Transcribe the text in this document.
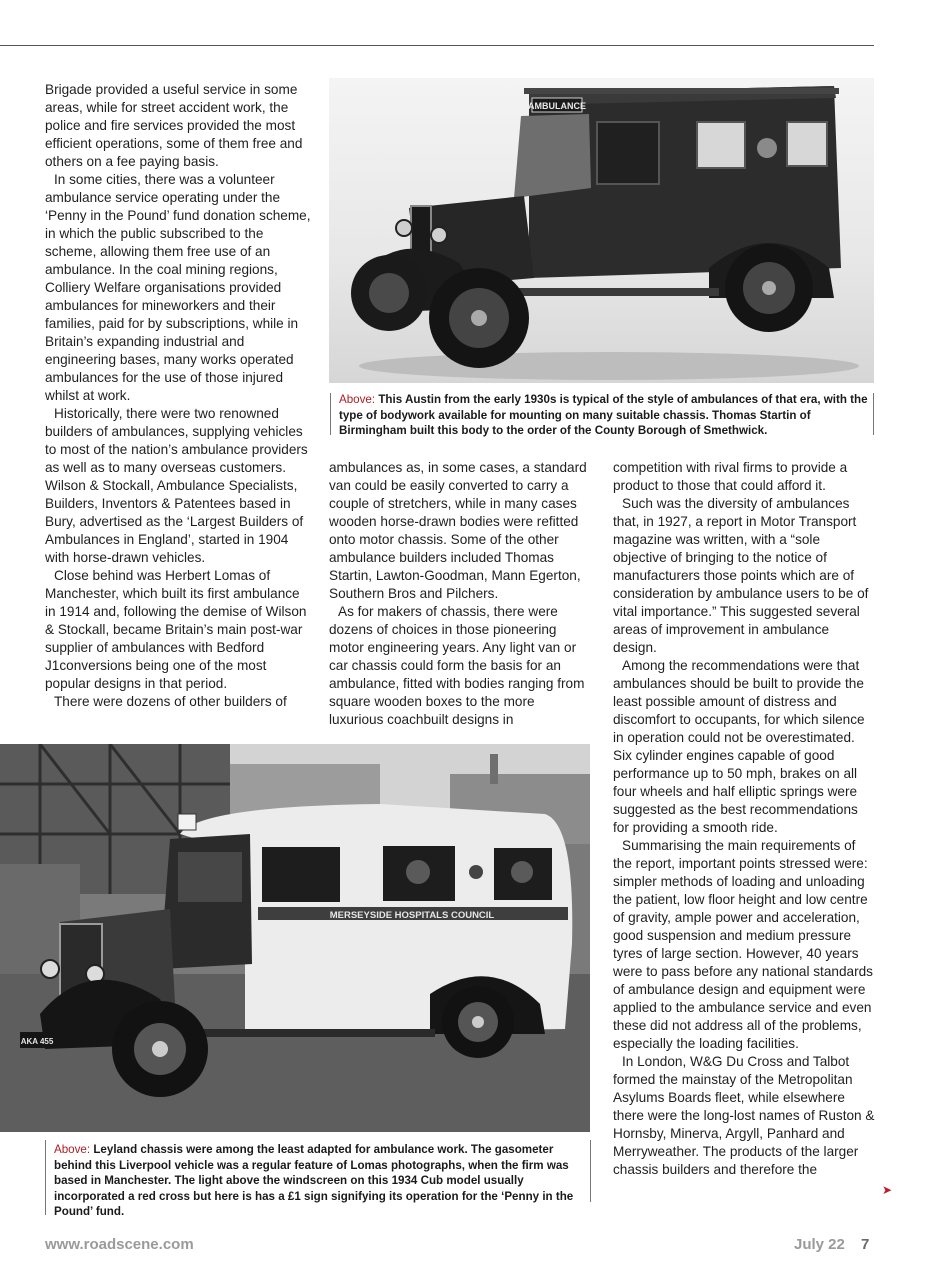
Brigade provided a useful service in some areas, while for street accident work, the police and fire services provided the most efficient operations, some of them free and others on a fee paying basis.

In some cities, there was a volunteer ambulance service operating under the ‘Penny in the Pound’ fund donation scheme, in which the public subscribed to the scheme, allowing them free use of an ambulance. In the coal mining regions, Colliery Welfare organisations provided ambulances for mineworkers and their families, paid for by subscriptions, while in Britain’s expanding industrial and engineering bases, many works operated ambulances for the use of those injured whilst at work.

Historically, there were two renowned builders of ambulances, supplying vehicles to most of the nation’s ambulance providers as well as to many overseas customers. Wilson & Stockall, Ambulance Specialists, Builders, Inventors & Patentees based in Bury, advertised as the ‘Largest Builders of Ambulances in England’, started in 1904 with horse-drawn vehicles.

Close behind was Herbert Lomas of Manchester, which built its first ambulance in 1914 and, following the demise of Wilson & Stockall, became Britain’s main post-war supplier of ambulances with Bedford J1conversions being one of the most popular designs in that period.

There were dozens of other builders of

AMBULANCE
Above: This Austin from the early 1930s is typical of the style of ambulances of that era, with the type of bodywork available for mounting on many suitable chassis. Thomas Startin of Birmingham built this body to the order of the County Borough of Smethwick.

ambulances as, in some cases, a standard van could be easily converted to carry a couple of stretchers, while in many cases wooden horse-drawn bodies were refitted onto motor chassis. Some of the other ambulance builders included Thomas Startin, Lawton-Goodman, Mann Egerton, Southern Bros and Pilchers.

As for makers of chassis, there were dozens of choices in those pioneering motor engineering years. Any light van or car chassis could form the basis for an ambulance, fitted with bodies ranging from square wooden boxes to the more luxurious coachbuilt designs in

competition with rival firms to provide a product to those that could afford it.

Such was the diversity of ambulances that, in 1927, a report in Motor Transport magazine was written, with a “sole objective of bringing to the notice of manufacturers those points which are of consideration by ambulance users to be of vital importance.” This suggested several areas of improvement in ambulance design.

Among the recommendations were that ambulances should be built to provide the least possible amount of distress and discomfort to occupants, for which silence in operation could not be overestimated. Six cylinder engines capable of good performance up to 50 mph, brakes on all four wheels and half elliptic springs were suggested as the best recommendations for providing a smooth ride.

Summarising the main requirements of the report, important points stressed were: simpler methods of loading and unloading the patient, low floor height and low centre of gravity, ample power and acceleration, good suspension and medium pressure tyres of large section. However, 40 years were to pass before any national standards of ambulance design and equipment were applied to the ambulance service and even these did not address all of the problems, especially the loading facilities.

In London, W&G Du Cross and Talbot formed the mainstay of the Metropolitan Asylums Boards fleet, while elsewhere there were the long-lost names of Ruston & Hornsby, Minerva, Argyll, Panhard and Merryweather. The products of the larger chassis builders and therefore the

MERSEYSIDE HOSPITALS COUNCIL
AKA 455
Above: Leyland chassis were among the least adapted for ambulance work. The gasometer behind this Liverpool vehicle was a regular feature of Lomas photographs, when the firm was based in Manchester. The light above the windscreen on this 1934 Cub model usually incorporated a red cross but here is has a £1 sign signifying its operation for the ‘Penny in the Pound’ fund.
➤
www.roadscene.com	July 22 7
